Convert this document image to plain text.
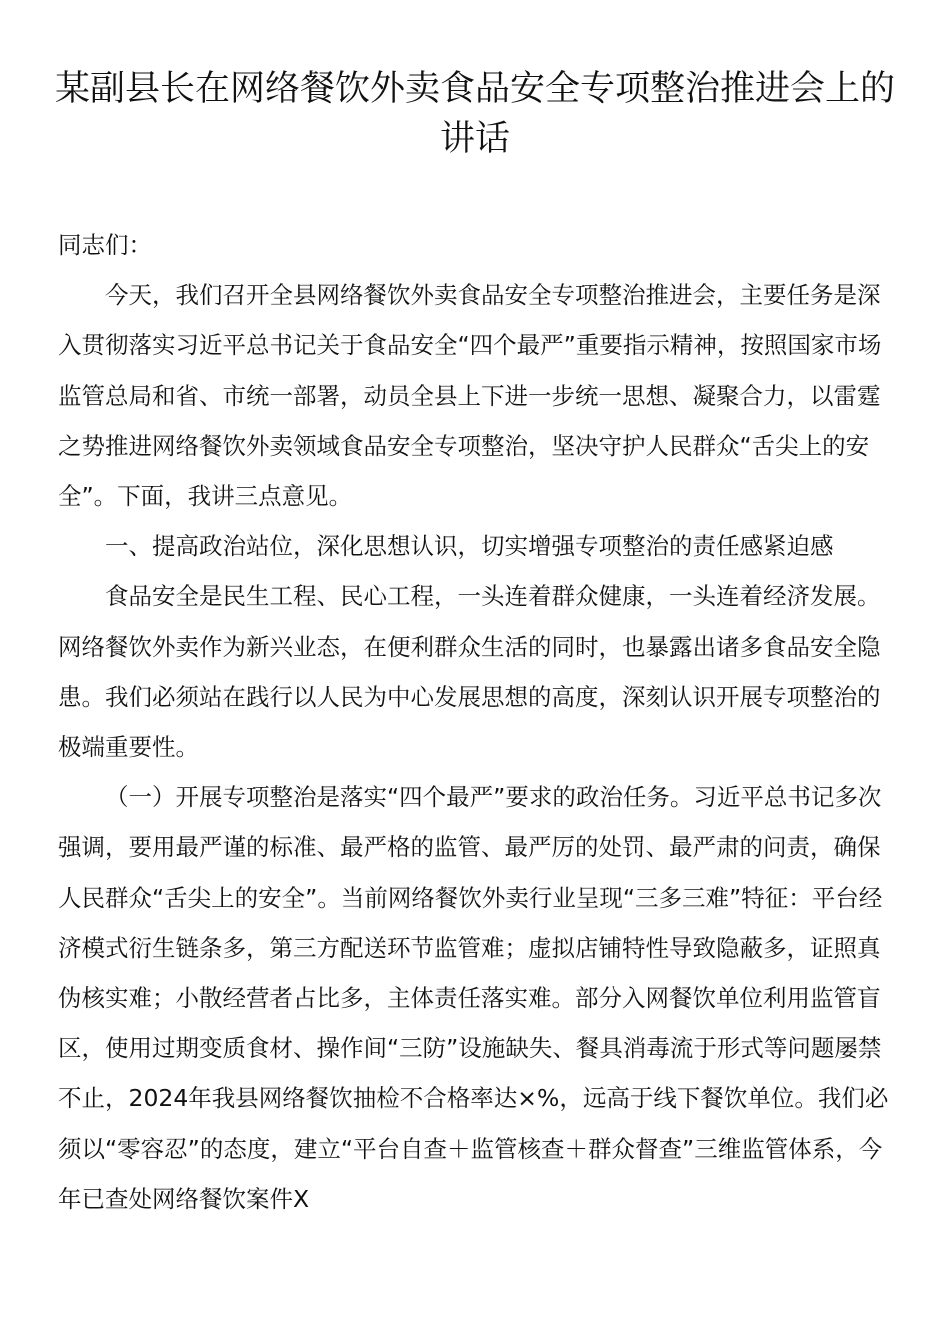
某副县长在网络餐饮外卖食品安全专项整治推进会上的讲话

同志们：

今天，我们召开全县网络餐饮外卖食品安全专项整治推进会，主要任务是深入贯彻落实习近平总书记关于食品安全“四个最严”重要指示精神，按照国家市场监管总局和省、市统一部署，动员全县上下进一步统一思想、凝聚合力，以雷霆之势推进网络餐饮外卖领域食品安全专项整治，坚决守护人民群众“舌尖上的安全”。下面，我讲三点意见。

一、提高政治站位，深化思想认识，切实增强专项整治的责任感紧迫感

食品安全是民生工程、民心工程，一头连着群众健康，一头连着经济发展。网络餐饮外卖作为新兴业态，在便利群众生活的同时，也暴露出诸多食品安全隐患。我们必须站在践行以人民为中心发展思想的高度，深刻认识开展专项整治的极端重要性。

（一）开展专项整治是落实“四个最严”要求的政治任务。习近平总书记多次强调，要用最严谨的标准、最严格的监管、最严厉的处罚、最严肃的问责，确保人民群众“舌尖上的安全”。当前网络餐饮外卖行业呈现“三多三难”特征：平台经济模式衍生链条多，第三方配送环节监管难；虚拟店铺特性导致隐蔽多，证照真伪核实难；小散经营者占比多，主体责任落实难。部分入网餐饮单位利用监管盲区，使用过期变质食材、操作间“三防”设施缺失、餐具消毒流于形式等问题屡禁不止，2024年我县网络餐饮抽检不合格率达×%，远高于线下餐饮单位。我们必须以“零容忍”的态度，建立“平台自查＋监管核查＋群众督查”三维监管体系，今年已查处网络餐饮案件X
